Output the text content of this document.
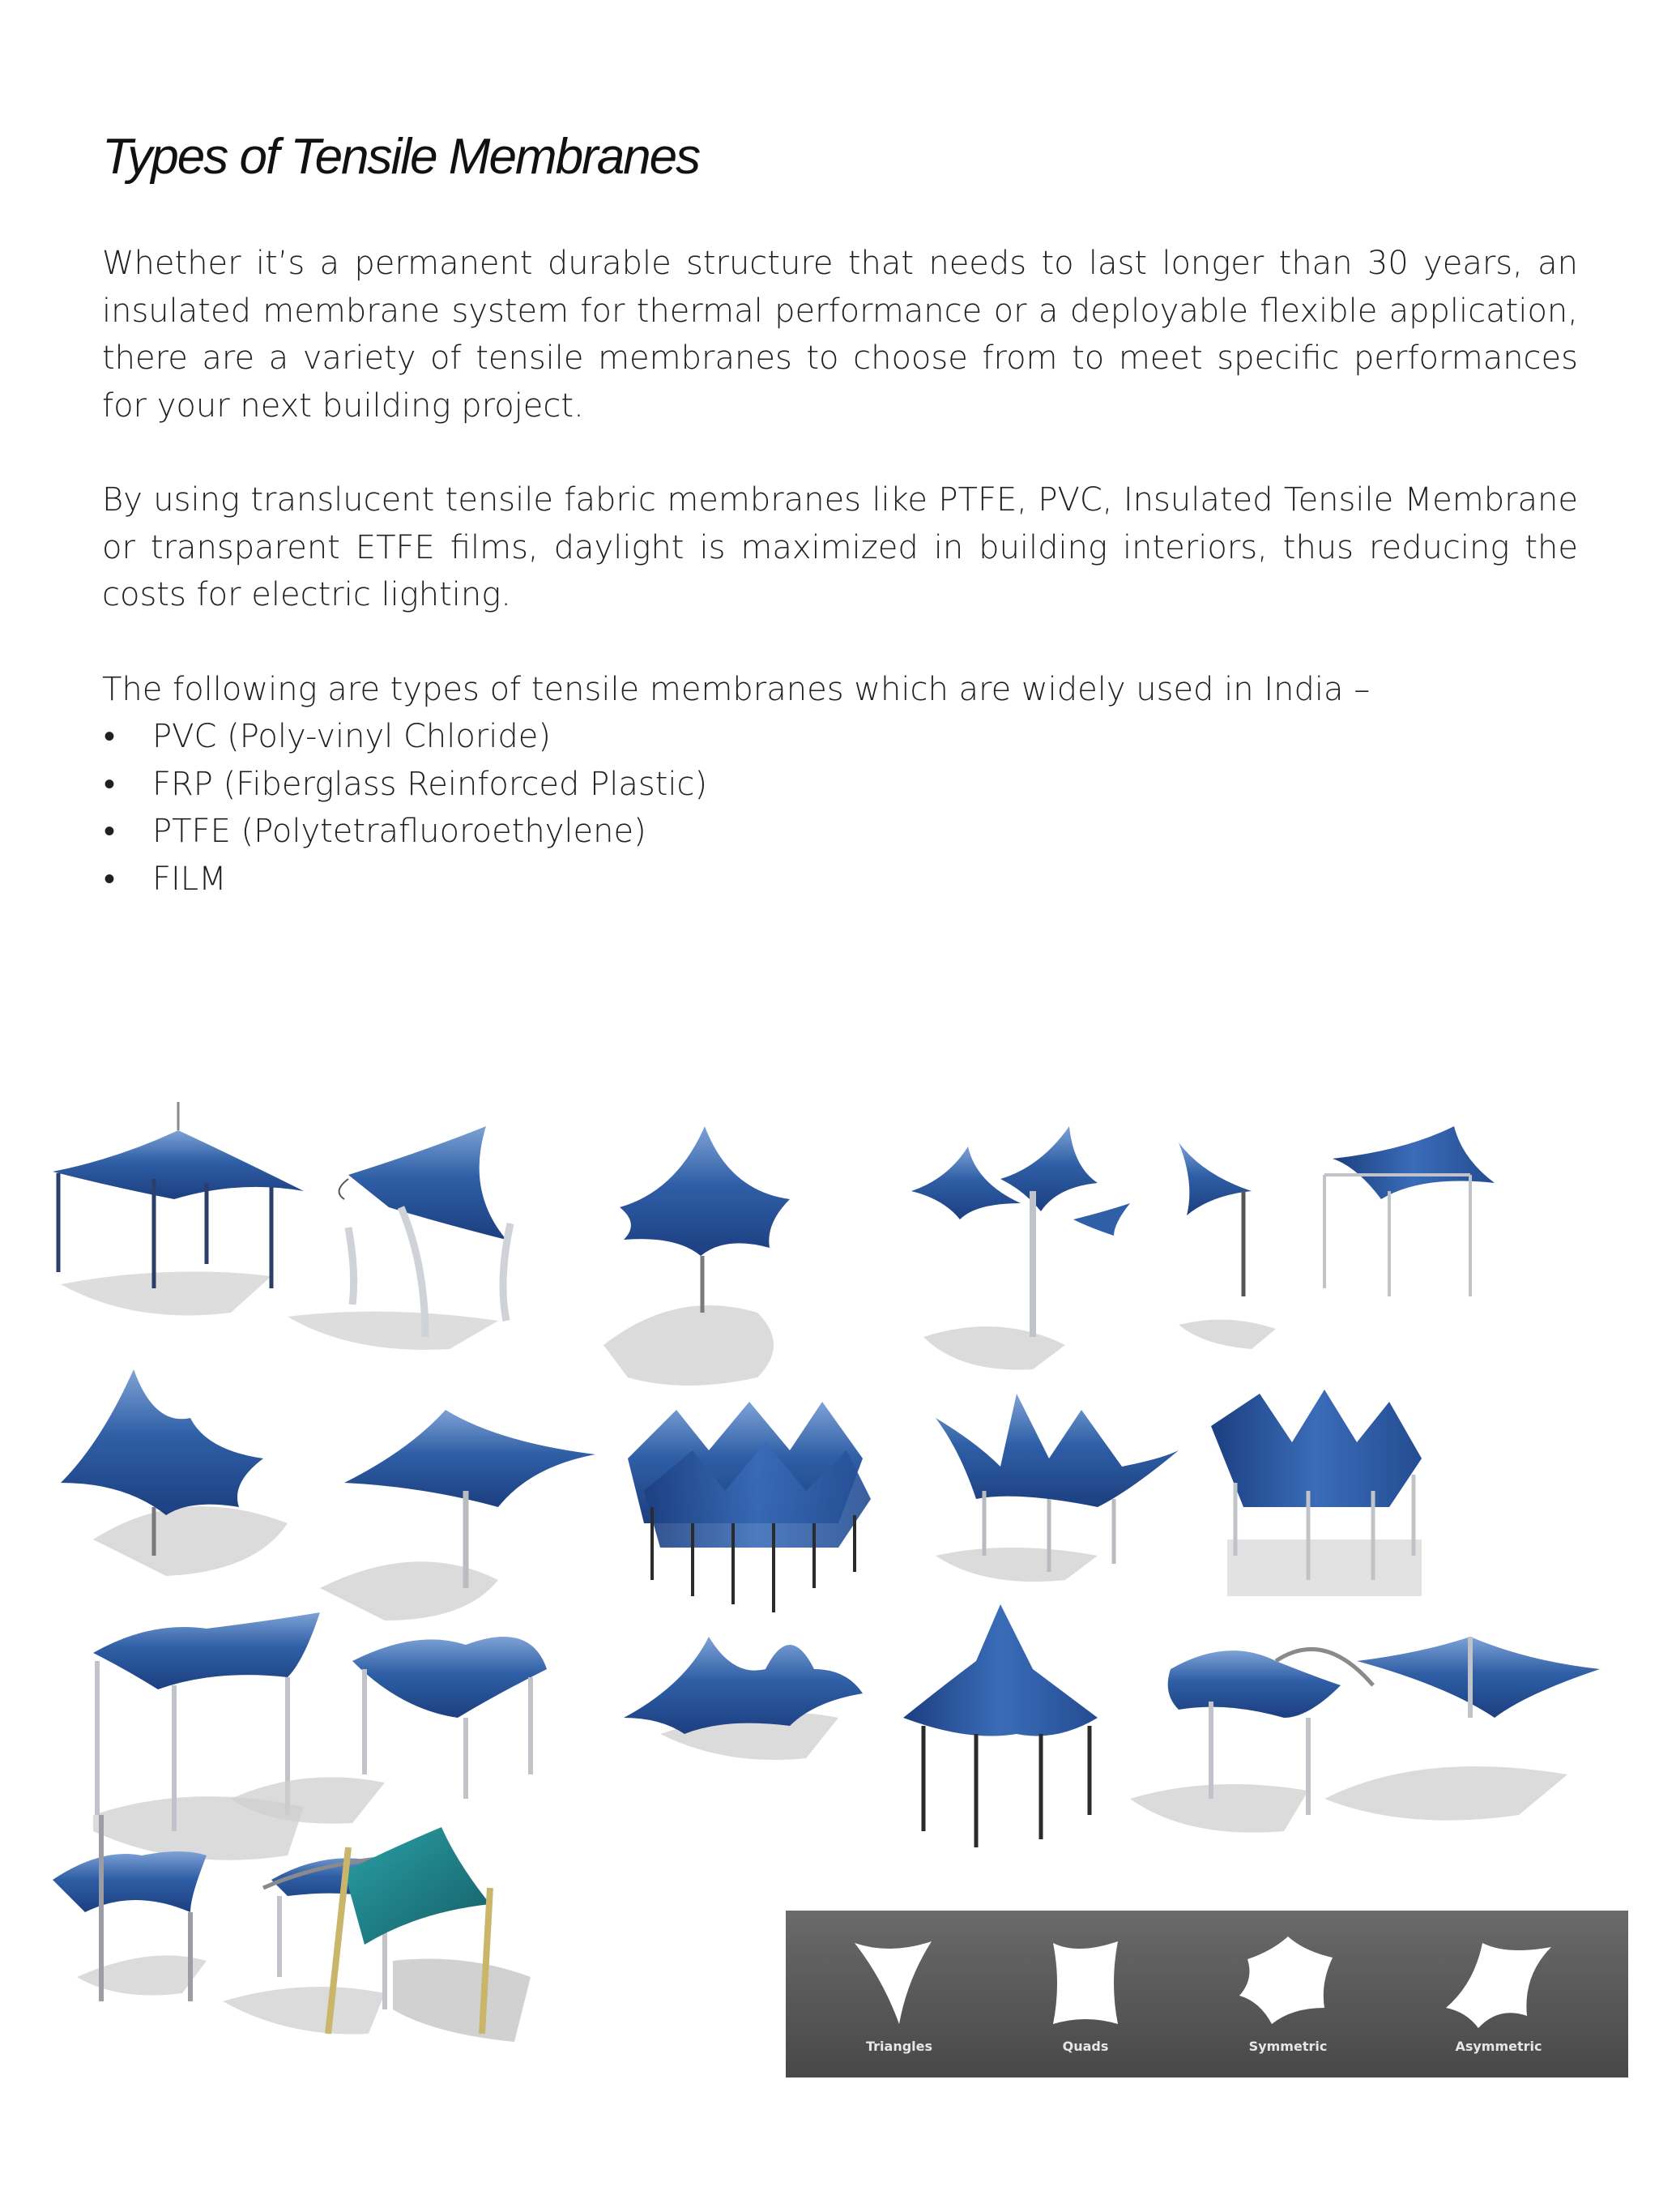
Types of Tensile Membranes

Whether it’s a permanent durable structure that needs to last longer than 30 years, an insulated membrane system for thermal performance or a deployable flexible application, there are a variety of tensile membranes to choose from to meet specific performances for your next building project.

By using translucent tensile fabric membranes like PTFE, PVC, Insulated Tensile Membrane or transparent ETFE films, daylight is maximized in building interiors, thus reducing the costs for electric lighting.

The following are types of tensile membranes which are widely used in India –

• PVC (Poly-vinyl Chloride)
• FRP (Fiberglass Reinforced Plastic)
• PTFE (Polytetrafluoroethylene)
• FILM
Triangles	Quads	Symmetric	Asymmetric
